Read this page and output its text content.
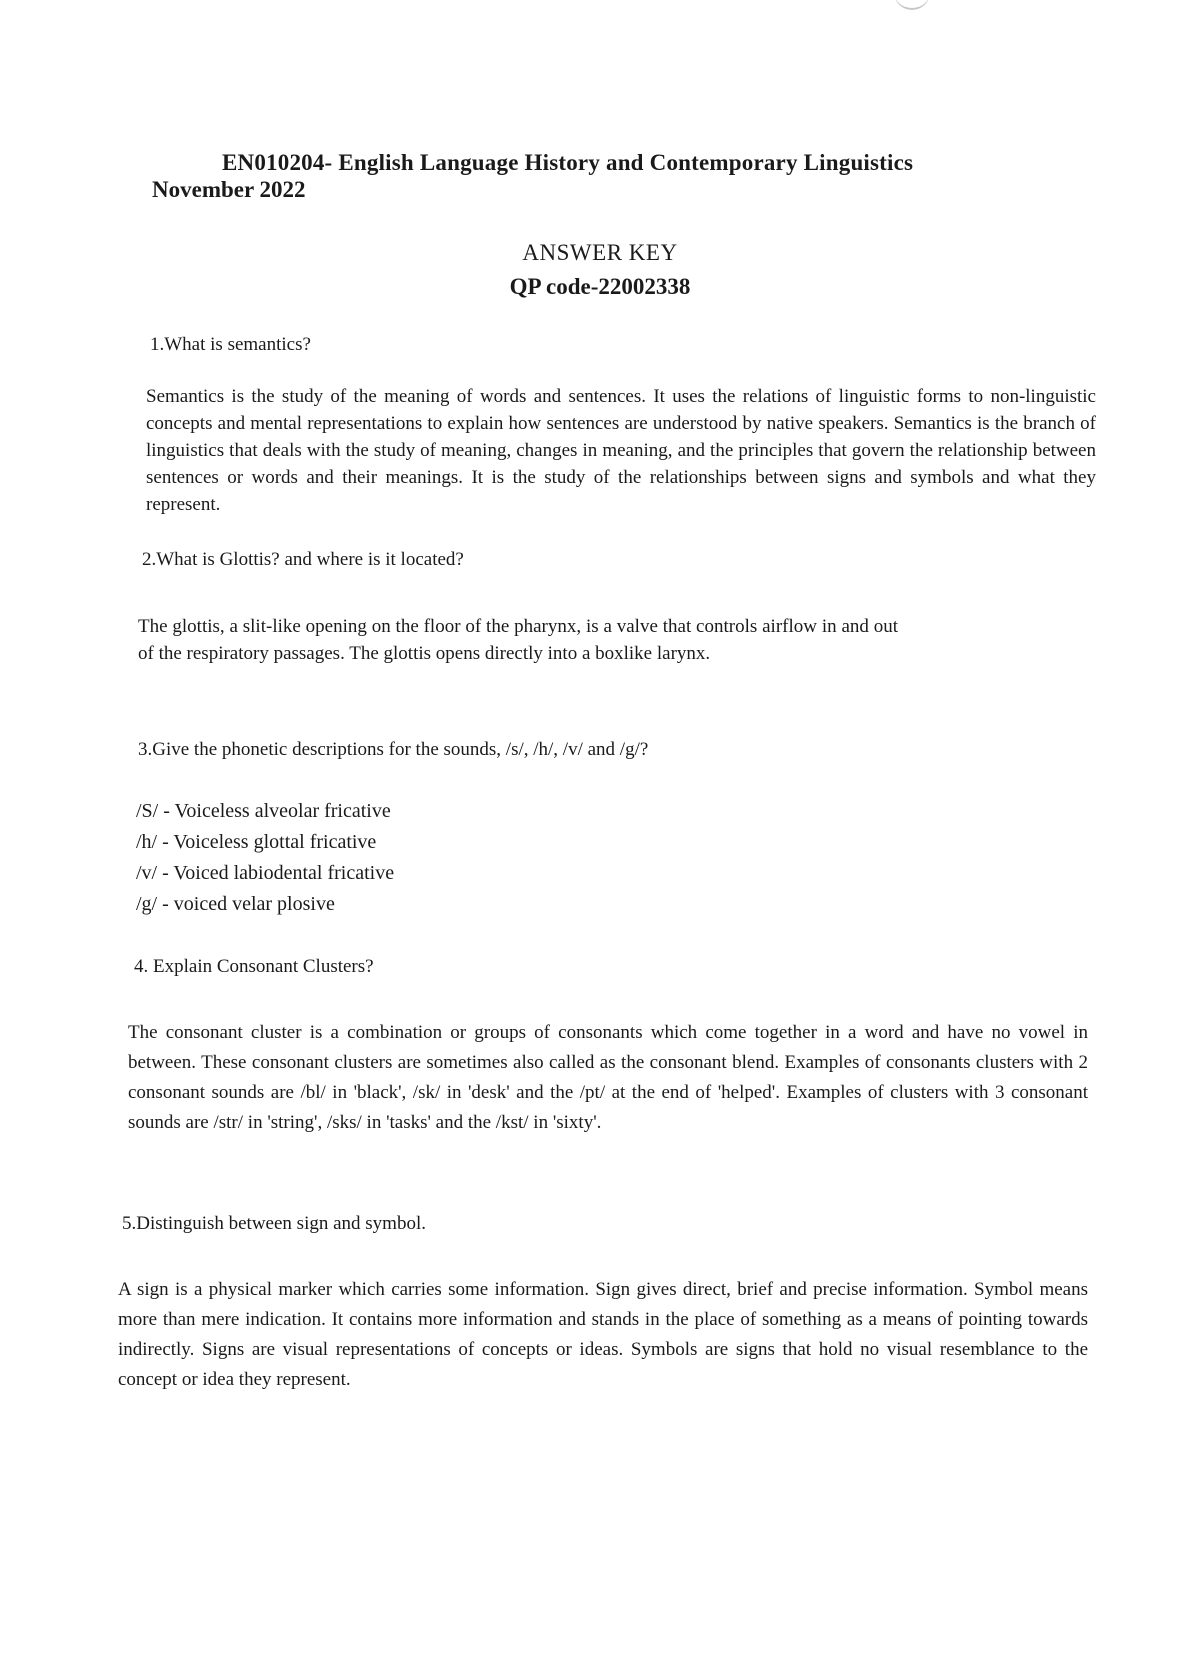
EN010204- English Language History and Contemporary Linguistics
November 2022
ANSWER KEY
QP code-22002338
1.What is semantics?
Semantics is the study of the meaning of words and sentences. It uses the relations of linguistic forms to non-linguistic concepts and mental representations to explain how sentences are understood by native speakers. Semantics is the branch of linguistics that deals with the study of meaning, changes in meaning, and the principles that govern the relationship between sentences or words and their meanings. It is the study of the relationships between signs and symbols and what they represent.
2.What is Glottis? and where is it located?
The glottis, a slit-like opening on the floor of the pharynx, is a valve that controls airflow in and out of the respiratory passages. The glottis opens directly into a boxlike larynx.
3.Give the phonetic descriptions for the sounds, /s/, /h/, /v/ and /g/?
/S/ - Voiceless alveolar fricative
/h/ - Voiceless glottal fricative
/v/ - Voiced labiodental fricative
/g/ - voiced velar plosive
4. Explain Consonant Clusters?
The consonant cluster is a combination or groups of consonants which come together in a word and have no vowel in between. These consonant clusters are sometimes also called as the consonant blend. Examples of consonants clusters with 2 consonant sounds are /bl/ in 'black', /sk/ in 'desk' and the /pt/ at the end of 'helped'. Examples of clusters with 3 consonant sounds are /str/ in 'string', /sks/ in 'tasks' and the /kst/ in 'sixty'.
5.Distinguish between sign and symbol.
A sign is a physical marker which carries some information. Sign gives direct, brief and precise information. Symbol means more than mere indication. It contains more information and stands in the place of something as a means of pointing towards indirectly. Signs are visual representations of concepts or ideas. Symbols are signs that hold no visual resemblance to the concept or idea they represent.
